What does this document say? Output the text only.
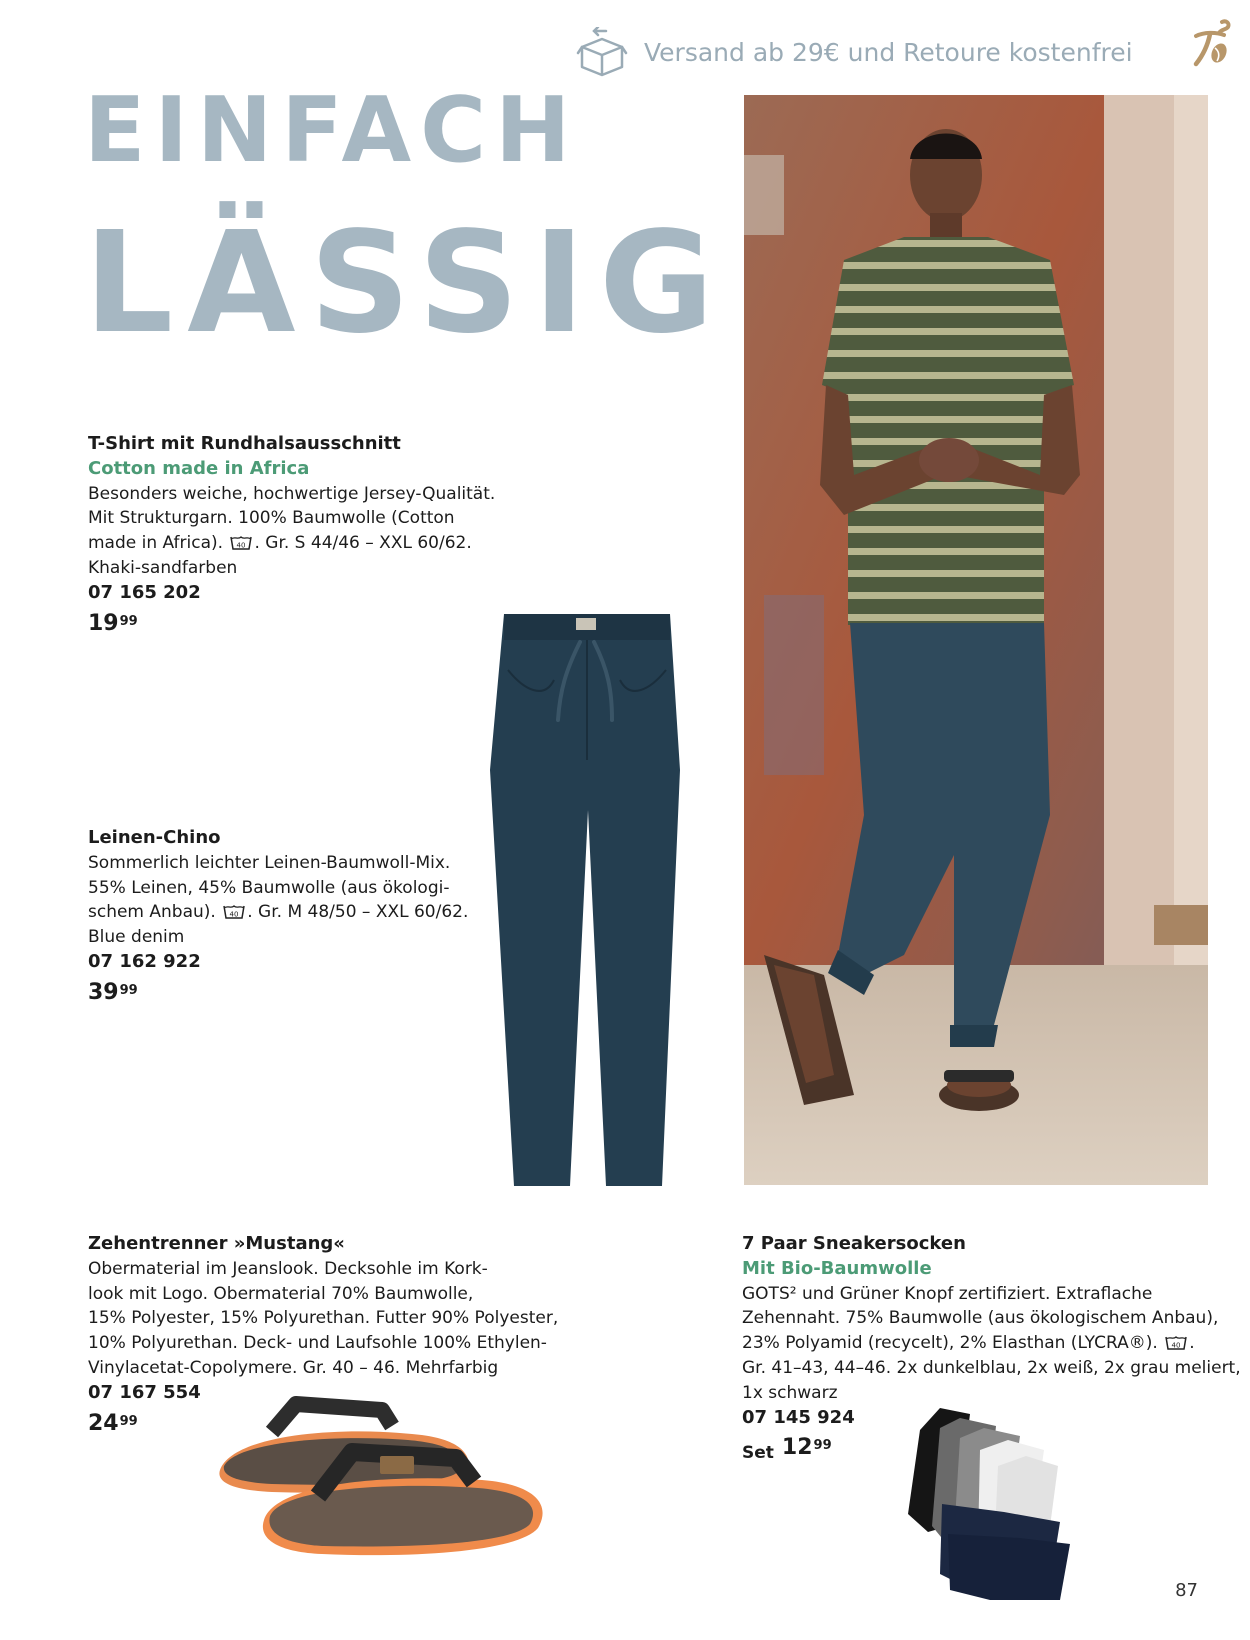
Versand ab 29€ und Retoure kostenfrei
EINFACH
LÄSSIG
T-Shirt mit Rundhalsausschnitt
Cotton made in Africa
Besonders weiche, hochwertige Jersey-Qualität.
Mit Strukturgarn. 100% Baumwolle (Cotton
made in Africa). 40 . Gr. S 44/46 – XXL 60/62.
Khaki-sandfarben
07 165 202
19 99
Leinen-Chino
Sommerlich leichter Leinen-Baumwoll-Mix.
55% Leinen, 45% Baumwolle (aus ökologi-
schem Anbau). 40 . Gr. M 48/50 – XXL 60/62.
Blue denim
07 162 922
39 99
Zehentrenner »Mustang«
Obermaterial im Jeanslook. Decksohle im Kork-
look mit Logo. Obermaterial 70% Baumwolle,
15% Polyester, 15% Polyurethan. Futter 90% Polyester,
10% Polyurethan. Deck- und Laufsohle 100% Ethylen-
Vinylacetat-Copolymere. Gr. 40 – 46. Mehrfarbig
07 167 554
24 99
7 Paar Sneakersocken
Mit Bio-Baumwolle
GOTS² und Grüner Knopf zertifiziert. Extraflache
Zehennaht. 75% Baumwolle (aus ökologischem Anbau),
23% Polyamid (recycelt), 2% Elasthan (LYCRA®). 40 .
Gr. 41–43, 44–46. 2x dunkelblau, 2x weiß, 2x grau meliert,
1x schwarz
07 145 924
Set 12 99
87
